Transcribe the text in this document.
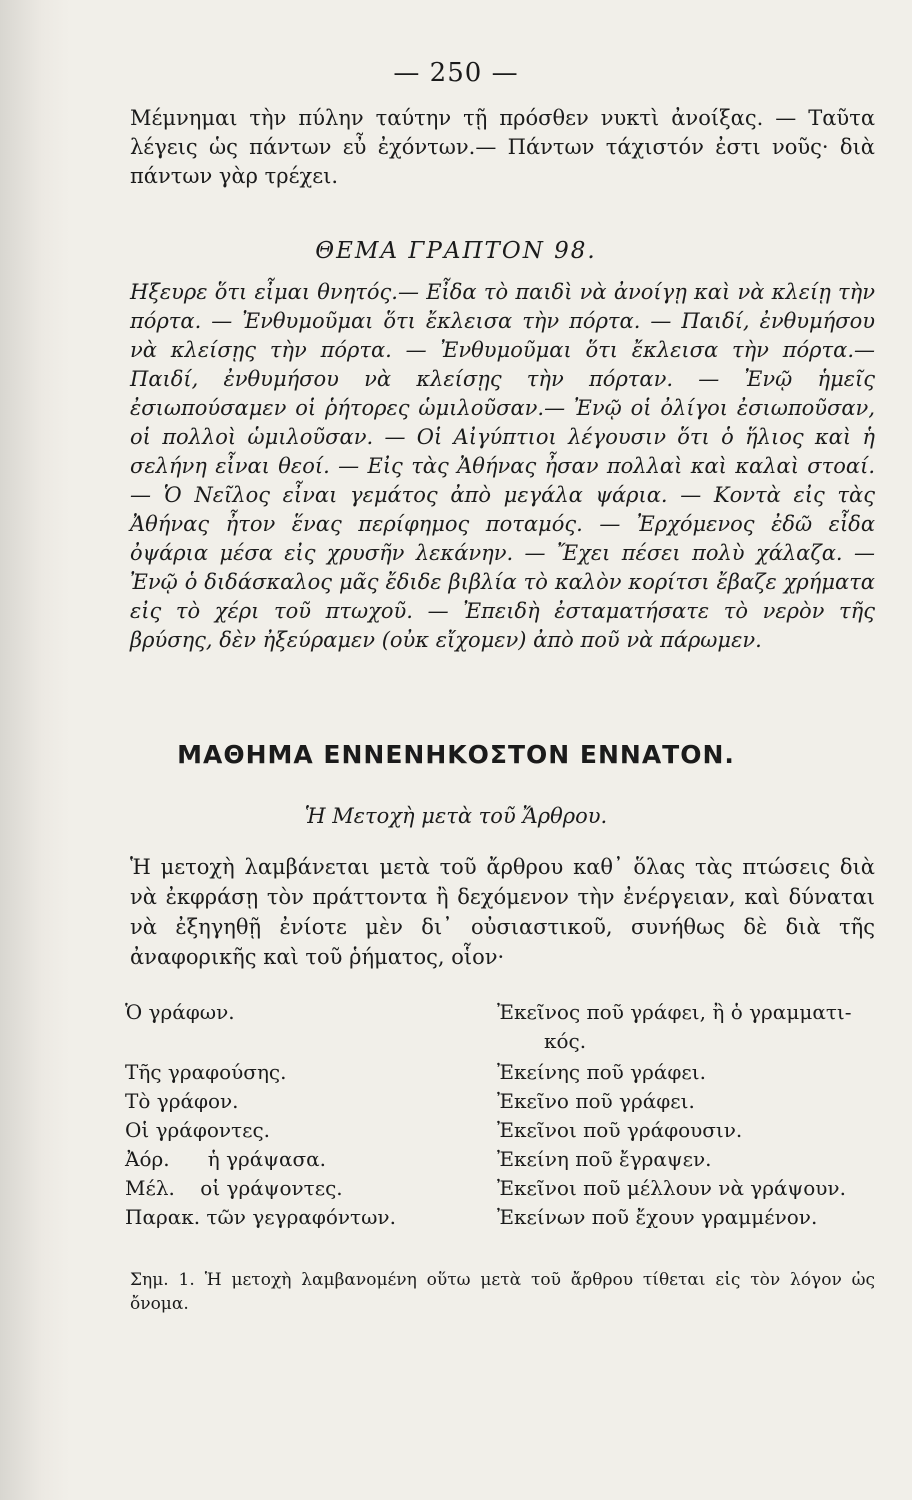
— 250 —

Μέμνημαι τὴν πύλην ταύτην τῇ πρόσθεν νυκτὶ ἀνοίξας. — Ταῦτα λέγεις ὡς πάντων εὖ ἐχόντων.— Πάντων τάχιστόν ἐστι νοῦς· διὰ πάντων γὰρ τρέχει.

ΘΕΜΑ ΓΡΑΠΤΟΝ 98.

Ηξευρε ὅτι εἶμαι θνητός.— Εἶδα τὸ παιδὶ νὰ ἀνοίγῃ καὶ νὰ κλείῃ τὴν πόρτα. — Ἐνθυμοῦμαι ὅτι ἔκλεισα τὴν πόρτα. — Παιδί, ἐνθυμήσου νὰ κλείσῃς τὴν πόρτα. — Ἐνθυμοῦμαι ὅτι ἔκλεισα τὴν πόρτα.— Παιδί, ἐνθυμήσου νὰ κλείσῃς τὴν πόρταν. — Ἐνῷ ἡμεῖς ἐσιωπούσαμεν οἱ ῥήτορες ὡμιλοῦσαν.— Ἐνῷ οἱ ὀλίγοι ἐσιωποῦσαν, οἱ πολλοὶ ὡμιλοῦσαν. — Οἱ Αἰγύπτιοι λέγουσιν ὅτι ὁ ἥλιος καὶ ἡ σελήνη εἶναι θεοί. — Εἰς τὰς Ἀθήνας ἦσαν πολλαὶ καὶ καλαὶ στοαί. — Ὁ Νεῖλος εἶναι γεμάτος ἀπὸ μεγάλα ψάρια. — Κοντὰ εἰς τὰς Ἀθήνας ἦτον ἕνας περίφημος ποταμός. — Ἐρχόμενος ἐδῶ εἶδα ὀψάρια μέσα εἰς χρυσῆν λεκάνην. — Ἔχει πέσει πολὺ χάλαζα. —Ἐνῷ ὁ διδάσκαλος μᾶς ἔδιδε βιβλία τὸ καλὸν κορίτσι ἔβαζε χρήματα εἰς τὸ χέρι τοῦ πτωχοῦ. — Ἐπειδὴ ἐσταματήσατε τὸ νερὸν τῆς βρύσης, δὲν ἠξεύραμεν (οὐκ εἴχομεν) ἀπὸ ποῦ νὰ πάρωμεν.

ΜΑΘΗΜΑ ΕΝΝΕΝΗΚΟΣΤΟΝ ΕΝΝΑΤΟΝ.
Ἡ Μετοχὴ μετὰ τοῦ Ἄρθρου.

Ἡ μετοχὴ λαμβάνεται μετὰ τοῦ ἄρθρου καθ᾽ ὅλας τὰς πτώσεις διὰ νὰ ἐκφράσῃ τὸν πράττοντα ἢ δεχόμενον τὴν ἐνέργειαν, καὶ δύναται νὰ ἐξηγηθῇ ἐνίοτε μὲν δι᾽ οὐσιαστικοῦ, συνήθως δὲ διὰ τῆς ἀναφορικῆς καὶ τοῦ ῥήματος, οἷον·

Ὁ γράφων.	Ἐκεῖνος ποῦ γράφει, ἢ ὁ γραμματι-
κός.
Τῆς γραφούσης.	Ἐκείνης ποῦ γράφει.
Τὸ γράφον.	Ἐκεῖνο ποῦ γράφει.
Οἱ γράφοντες.	Ἐκεῖνοι ποῦ γράφουσιν.
Ἀόρ.      ἡ γράψασα.	Ἐκείνη ποῦ ἔγραψεν.
Μέλ.    οἱ γράψοντες.	Ἐκεῖνοι ποῦ μέλλουν νὰ γράψουν.
Παρακ. τῶν γεγραφόντων.	Ἐκείνων ποῦ ἔχουν γραμμένον.

Σημ. 1. Ἡ μετοχὴ λαμβανομένη οὕτω μετὰ τοῦ ἄρθρου τίθεται εἰς τὸν λόγον ὡς ὄνομα.
